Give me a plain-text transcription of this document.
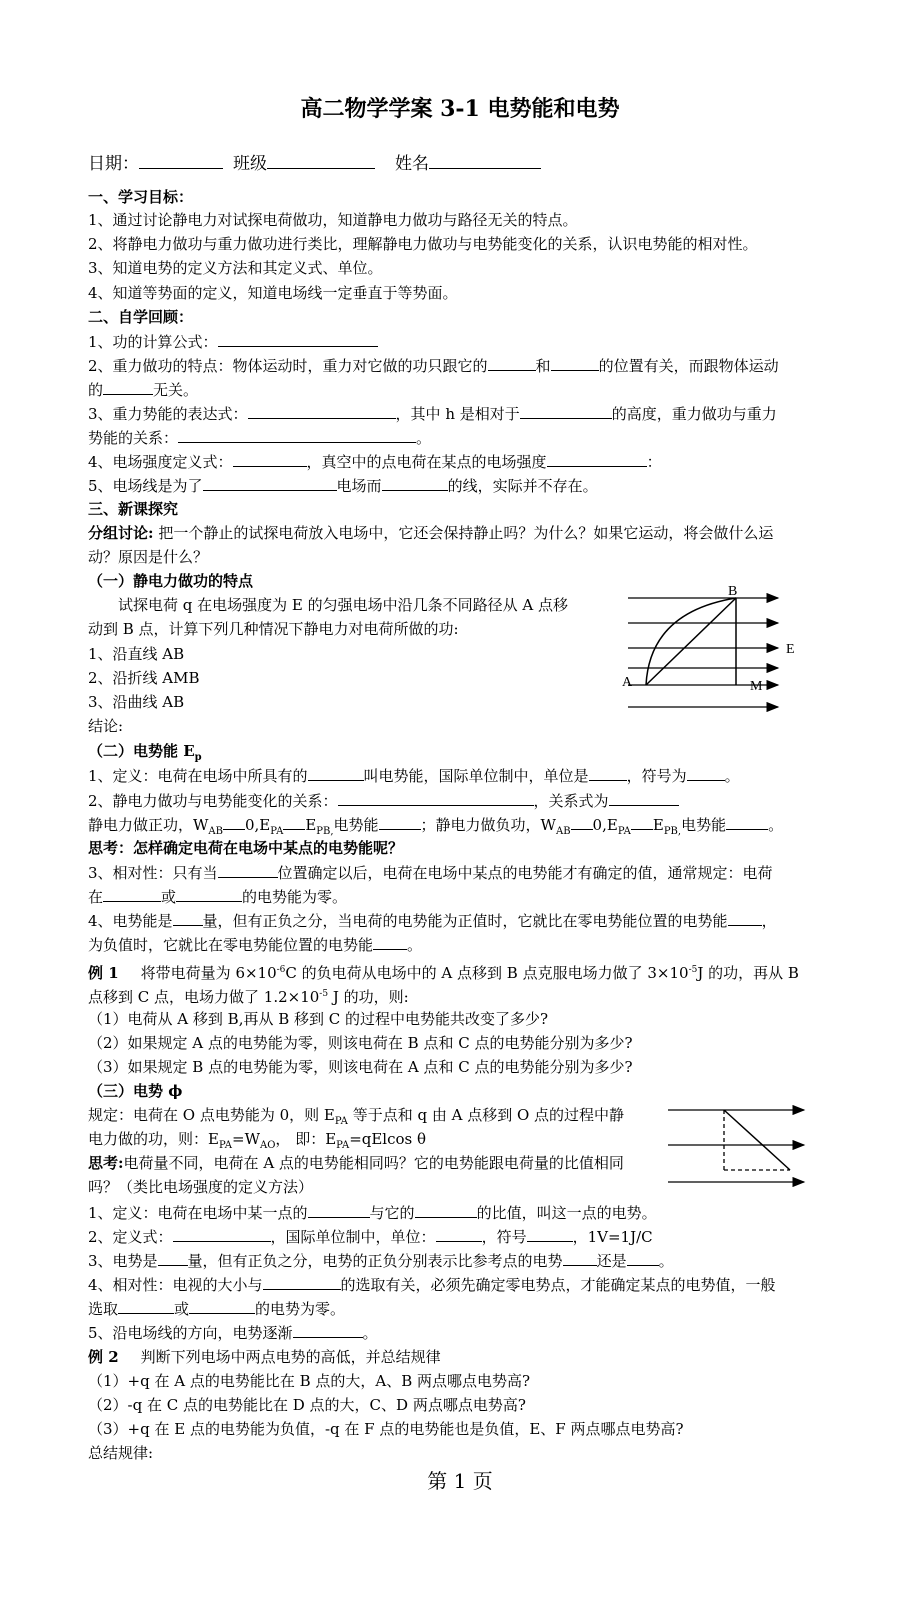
高二物学学案 3-1 电势能和电势
日期：	班级	姓名
一、学习目标：
1、通过讨论静电力对试探电荷做功，知道静电力做功与路径无关的特点。
2、将静电力做功与重力做功进行类比，理解静电力做功与电势能变化的关系，认识电势能的相对性。
3、知道电势的定义方法和其定义式、单位。
4、知道等势面的定义，知道电场线一定垂直于等势面。
二、自学回顾：
1、功的计算公式：
2、重力做功的特点：物体运动时，重力对它做的功只跟它的	和	的位置有关，而跟物体运动
的	无关。
3、重力势能的表达式：	，其中 h 是相对于	的高度，重力做功与重力
势能的关系：	。
4、电场强度定义式：	，真空中的点电荷在某点的电场强度	：
5、电场线是为了	电场而	的线，实际并不存在。
三、新课探究
分组讨论: 把一个静止的试探电荷放入电场中，它还会保持静止吗？为什么？如果它运动，将会做什么运
动？原因是什么？
（一）静电力做功的特点
试探电荷 q 在电场强度为 E 的匀强电场中沿几条不同路径从 A 点移
动到 B 点，计算下列几种情况下静电力对电荷所做的功:
1、沿直线 AB
2、沿折线 AMB
3、沿曲线 AB
结论:
B
E
A	M
（二）电势能 $E_p$
1、定义：电荷在电场中所具有的	叫电势能，国际单位制中，单位是	，符号为	。
2、静电力做功与电势能变化的关系：	，关系式为
静电力做正功，$W_{AB}$ $0,E_{PA}$ $E_{PB,}$电势能	；静电力做负功，$W_{AB}$ $0,E_{PA}$ $E_{PB,}$电势能	。
思考：怎样确定电荷在电场中某点的电势能呢？
3、相对性：只有当	位置确定以后，电荷在电场中某点的电势能才有确定的值，通常规定：电荷
在	或	的电势能为零。
4、电势能是 量，但有正负之分，当电荷的电势能为正值时，它就比在零电势能位置的电势能 ，
为负值时，它就比在零电势能位置的电势能 。
例 1 将带电荷量为 $6\times 10^{-6}C$ 的负电荷从电场中的 A 点移到 B 点克服电场力做了 $3\times 10^{-5}J$ 的功，再从 B
点移到 C 点，电场力做了 $1.2\times 10^{-5}$ J 的功，则:
（1）电荷从 A 移到 B,再从 B 移到 C 的过程中电势能共改变了多少?
（2）如果规定 A 点的电势能为零，则该电荷在 B 点和 C 点的电势能分别为多少?
（3）如果规定 B 点的电势能为零，则该电荷在 A 点和 C 点的电势能分别为多少?
（三）电势 ϕ
规定：电荷在 O 点电势能为 0，则 $E_{PA}$ 等于点和 q 由 A 点移到 O 点的过程中静
电力做的功，则：$E_{PA}=W_{AO}$， 即：$E_{PA}=qElcos$ θ
思考:电荷量不同，电荷在 A 点的电势能相同吗？它的电势能跟电荷量的比值相同
吗？（类比电场强度的定义方法）
1、定义：电荷在电场中某一点的	与它的	的比值，叫这一点的电势。
2、定义式：	，国际单位制中，单位：	，符号	，1V=1J/C
3、电势是 量，但有正负之分，电势的正负分别表示比参考点的电势 还是 。
4、相对性：电视的大小与	的选取有关，必须先确定零电势点，才能确定某点的电势值，一般
选取	或	的电势为零。
5、沿电场线的方向，电势逐渐	。
例 2 判断下列电场中两点电势的高低，并总结规律
（1）+q 在 A 点的电势能比在 B 点的大，A、B 两点哪点电势高?
（2）-q 在 C 点的电势能比在 D 点的大，C、D 两点哪点电势高?
（3）+q 在 E 点的电势能为负值，-q 在 F 点的电势能也是负值，E、F 两点哪点电势高?
总结规律:
第 1 页
